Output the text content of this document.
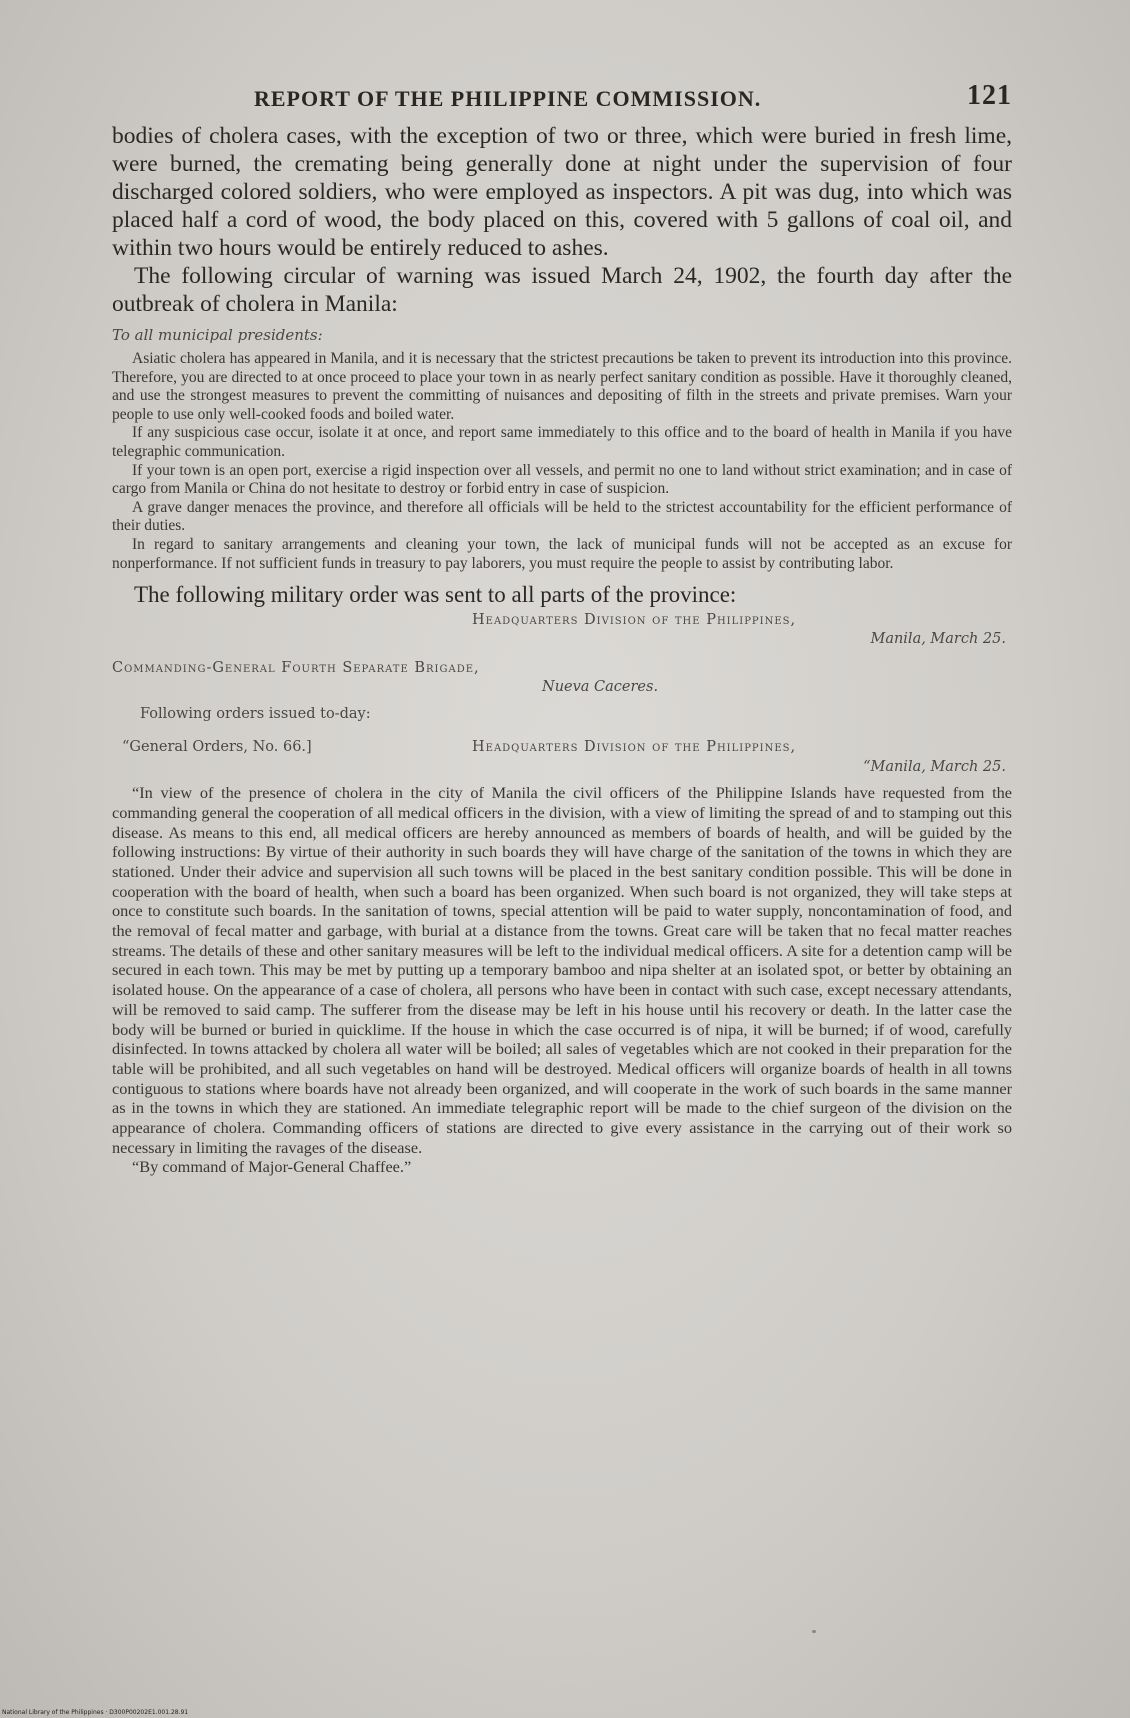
REPORT OF THE PHILIPPINE COMMISSION.	121

bodies of cholera cases, with the exception of two or three, which were buried in fresh lime, were burned, the cremating being generally done at night under the supervision of four discharged colored soldiers, who were employed as inspectors. A pit was dug, into which was placed half a cord of wood, the body placed on this, covered with 5 gallons of coal oil, and within two hours would be entirely reduced to ashes.

The following circular of warning was issued March 24, 1902, the fourth day after the outbreak of cholera in Manila:

To all municipal presidents:

Asiatic cholera has appeared in Manila, and it is necessary that the strictest precautions be taken to prevent its introduction into this province. Therefore, you are directed to at once proceed to place your town in as nearly perfect sanitary condition as possible. Have it thoroughly cleaned, and use the strongest measures to prevent the committing of nuisances and depositing of filth in the streets and private premises. Warn your people to use only well-cooked foods and boiled water.

If any suspicious case occur, isolate it at once, and report same immediately to this office and to the board of health in Manila if you have telegraphic communication.

If your town is an open port, exercise a rigid inspection over all vessels, and permit no one to land without strict examination; and in case of cargo from Manila or China do not hesitate to destroy or forbid entry in case of suspicion.

A grave danger menaces the province, and therefore all officials will be held to the strictest accountability for the efficient performance of their duties.

In regard to sanitary arrangements and cleaning your town, the lack of municipal funds will not be accepted as an excuse for nonperformance. If not sufficient funds in treasury to pay laborers, you must require the people to assist by contributing labor.

The following military order was sent to all parts of the province:
Headquarters Division of the Philippines,
Manila, March 25.
Commanding-General Fourth Separate Brigade,
Nueva Caceres.
Following orders issued to-day:
“General Orders, No. 66.]	Headquarters Division of the Philippines,
“Manila, March 25.

“In view of the presence of cholera in the city of Manila the civil officers of the Philippine Islands have requested from the commanding general the cooperation of all medical officers in the division, with a view of limiting the spread of and to stamping out this disease. As means to this end, all medical officers are hereby announced as members of boards of health, and will be guided by the following instructions: By virtue of their authority in such boards they will have charge of the sanitation of the towns in which they are stationed. Under their advice and supervision all such towns will be placed in the best sanitary condition possible. This will be done in cooperation with the board of health, when such a board has been organized. When such board is not organized, they will take steps at once to constitute such boards. In the sanitation of towns, special attention will be paid to water supply, noncontamination of food, and the removal of fecal matter and garbage, with burial at a distance from the towns. Great care will be taken that no fecal matter reaches streams. The details of these and other sanitary measures will be left to the individual medical officers. A site for a detention camp will be secured in each town. This may be met by putting up a temporary bamboo and nipa shelter at an isolated spot, or better by obtaining an isolated house. On the appearance of a case of cholera, all persons who have been in contact with such case, except necessary attendants, will be removed to said camp. The sufferer from the disease may be left in his house until his recovery or death. In the latter case the body will be burned or buried in quicklime. If the house in which the case occurred is of nipa, it will be burned; if of wood, carefully disinfected. In towns attacked by cholera all water will be boiled; all sales of vegetables which are not cooked in their preparation for the table will be prohibited, and all such vegetables on hand will be destroyed. Medical officers will organize boards of health in all towns contiguous to stations where boards have not already been organized, and will cooperate in the work of such boards in the same manner as in the towns in which they are stationed. An immediate telegraphic report will be made to the chief surgeon of the division on the appearance of cholera. Commanding officers of stations are directed to give every assistance in the carrying out of their work so necessary in limiting the ravages of the disease.

“By command of Major-General Chaffee.”

National Library of the Philippines · D300P00202E1.001.28.91
